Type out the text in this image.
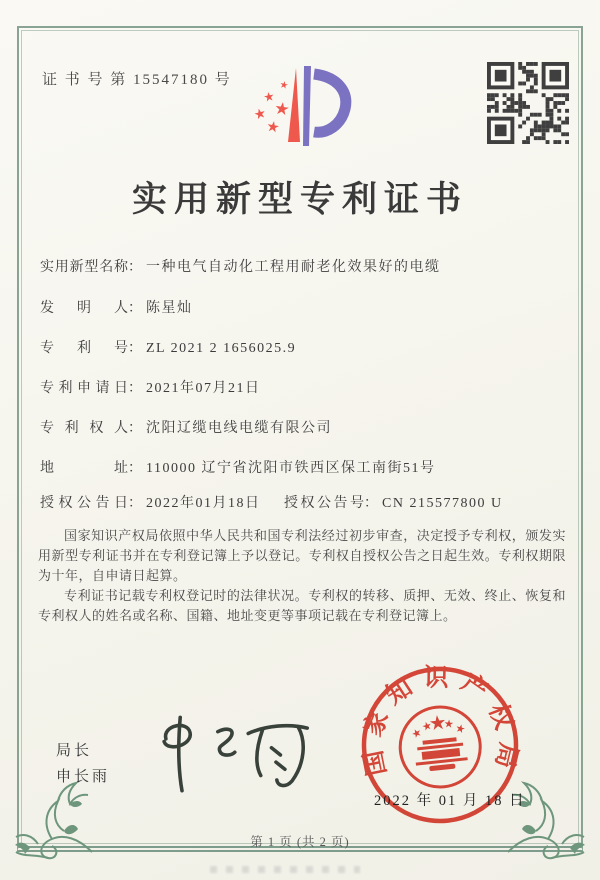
证 书 号 第 15547180 号
实用新型专利证书
实用新型名称： 一种电气自动化工程用耐老化效果好的电缆
发明人： 陈星灿
专利号： ZL 2021 2 1656025.9
专利申请日： 2021年07月21日
专利权人： 沈阳辽缆电线电缆有限公司
地址： 110000 辽宁省沈阳市铁西区保工南街51号
授权公告日： 2022年01月18日 授权公告号： CN 215577800 U

国家知识产权局依照中华人民共和国专利法经过初步审查，决定授予专利权，颁发实用新型专利证书并在专利登记簿上予以登记。专利权自授权公告之日起生效。专利权期限为十年，自申请日起算。

专利证书记载专利权登记时的法律状况。专利权的转移、质押、无效、终止、恢复和专利权人的姓名或名称、国籍、地址变更等事项记载在专利登记簿上。

局长
申长雨	国家知识产权局
2022 年 01 月 18 日
第 1 页 (共 2 页)
